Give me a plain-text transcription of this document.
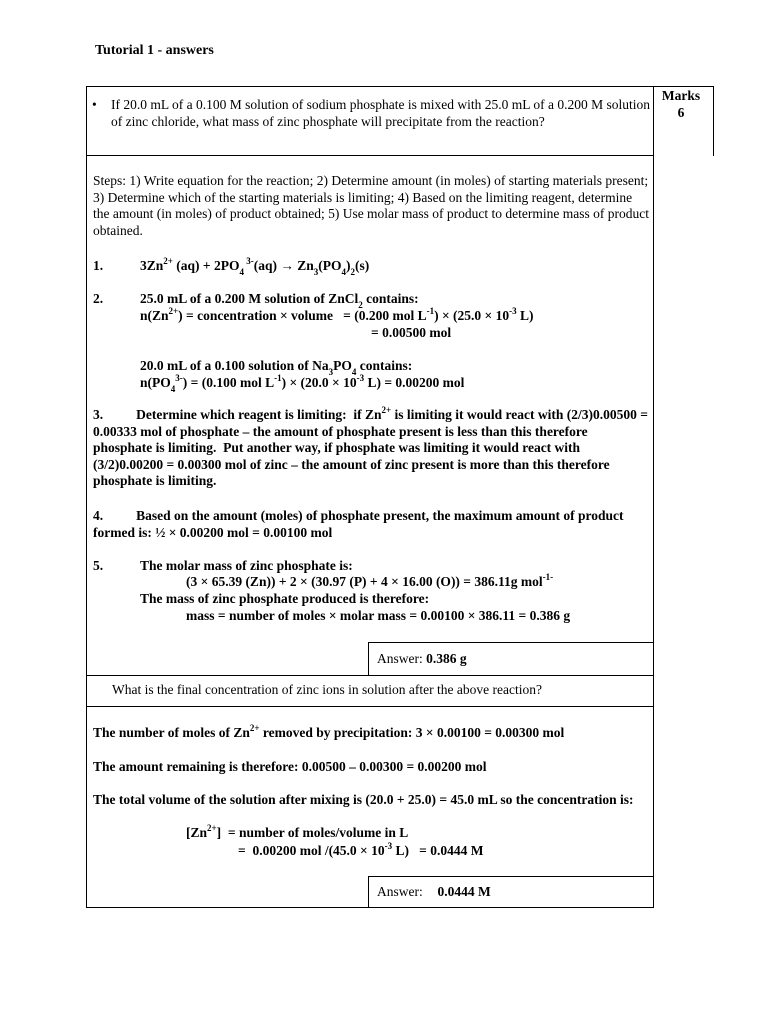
Tutorial 1 - answers
Marks
6
• If 20.0 mL of a 0.100 M solution of sodium phosphate is mixed with 25.0 mL of a 0.200 M solution of zinc chloride, what mass of zinc phosphate will precipitate from the reaction?
Steps: 1) Write equation for the reaction; 2) Determine amount (in moles) of starting materials present; 3) Determine which of the starting materials is limiting; 4) Based on the limiting reagent, determine the amount (in moles) of product obtained; 5) Use molar mass of product to determine mass of product obtained.
1.	$3Zn^{2+}$ $(aq) + 2PO_4$ $^{3-}(aq) \to Zn_3(PO_4)_2(s)$
2.	25.0 mL of a 0.200 M solution of ZnCl$_2$ contains:
$n(Zn^{2+})$ = concentration × volume   = (0.200 mol $L^{-1}) \times (25.0 \times 10^{-3}$ L)
= 0.00500 mol
20.0 mL of a 0.100 solution of $Na_3PO_4$ contains:
$n(PO_4^{3-}) = (0.100$ mol $L^{-1}) \times (20.0 \times 10^{-3}$ L) = 0.00200 mol
3. Determine which reagent is limiting:  if $Zn^{2+}$ is limiting it would react with (2/3)0.00500 = 0.00333 mol of phosphate – the amount of phosphate present is less than this therefore phosphate is limiting.  Put another way, if phosphate was limiting it would react with (3/2)0.00200 = 0.00300 mol of zinc – the amount of zinc present is more than this therefore phosphate is limiting.
4. Based on the amount (moles) of phosphate present, the maximum amount of product formed is: ½ × 0.00200 mol = 0.00100 mol
5.	The molar mass of zinc phosphate is:
(3 × 65.39 (Zn)) + 2 × (30.97 (P) + 4 × 16.00 (O)) = 386.11g mol$^{-1-}$
The mass of zinc phosphate produced is therefore:
mass = number of moles × molar mass = 0.00100 × 386.11 = 0.386 g
Answer: 0.386 g
What is the final concentration of zinc ions in solution after the above reaction?
The number of moles of $Zn^{2+}$ removed by precipitation: 3 × 0.00100 = 0.00300 mol
The amount remaining is therefore: 0.00500 – 0.00300 = 0.00200 mol
The total volume of the solution after mixing is (20.0 + 25.0) = 45.0 mL so the concentration is:
$[Zn^{2+}]$  = number of moles/volume in L
=  0.00200 mol $/(45.0 \times 10^{-3}$ L)   = 0.0444 M
Answer: 0.0444 M
